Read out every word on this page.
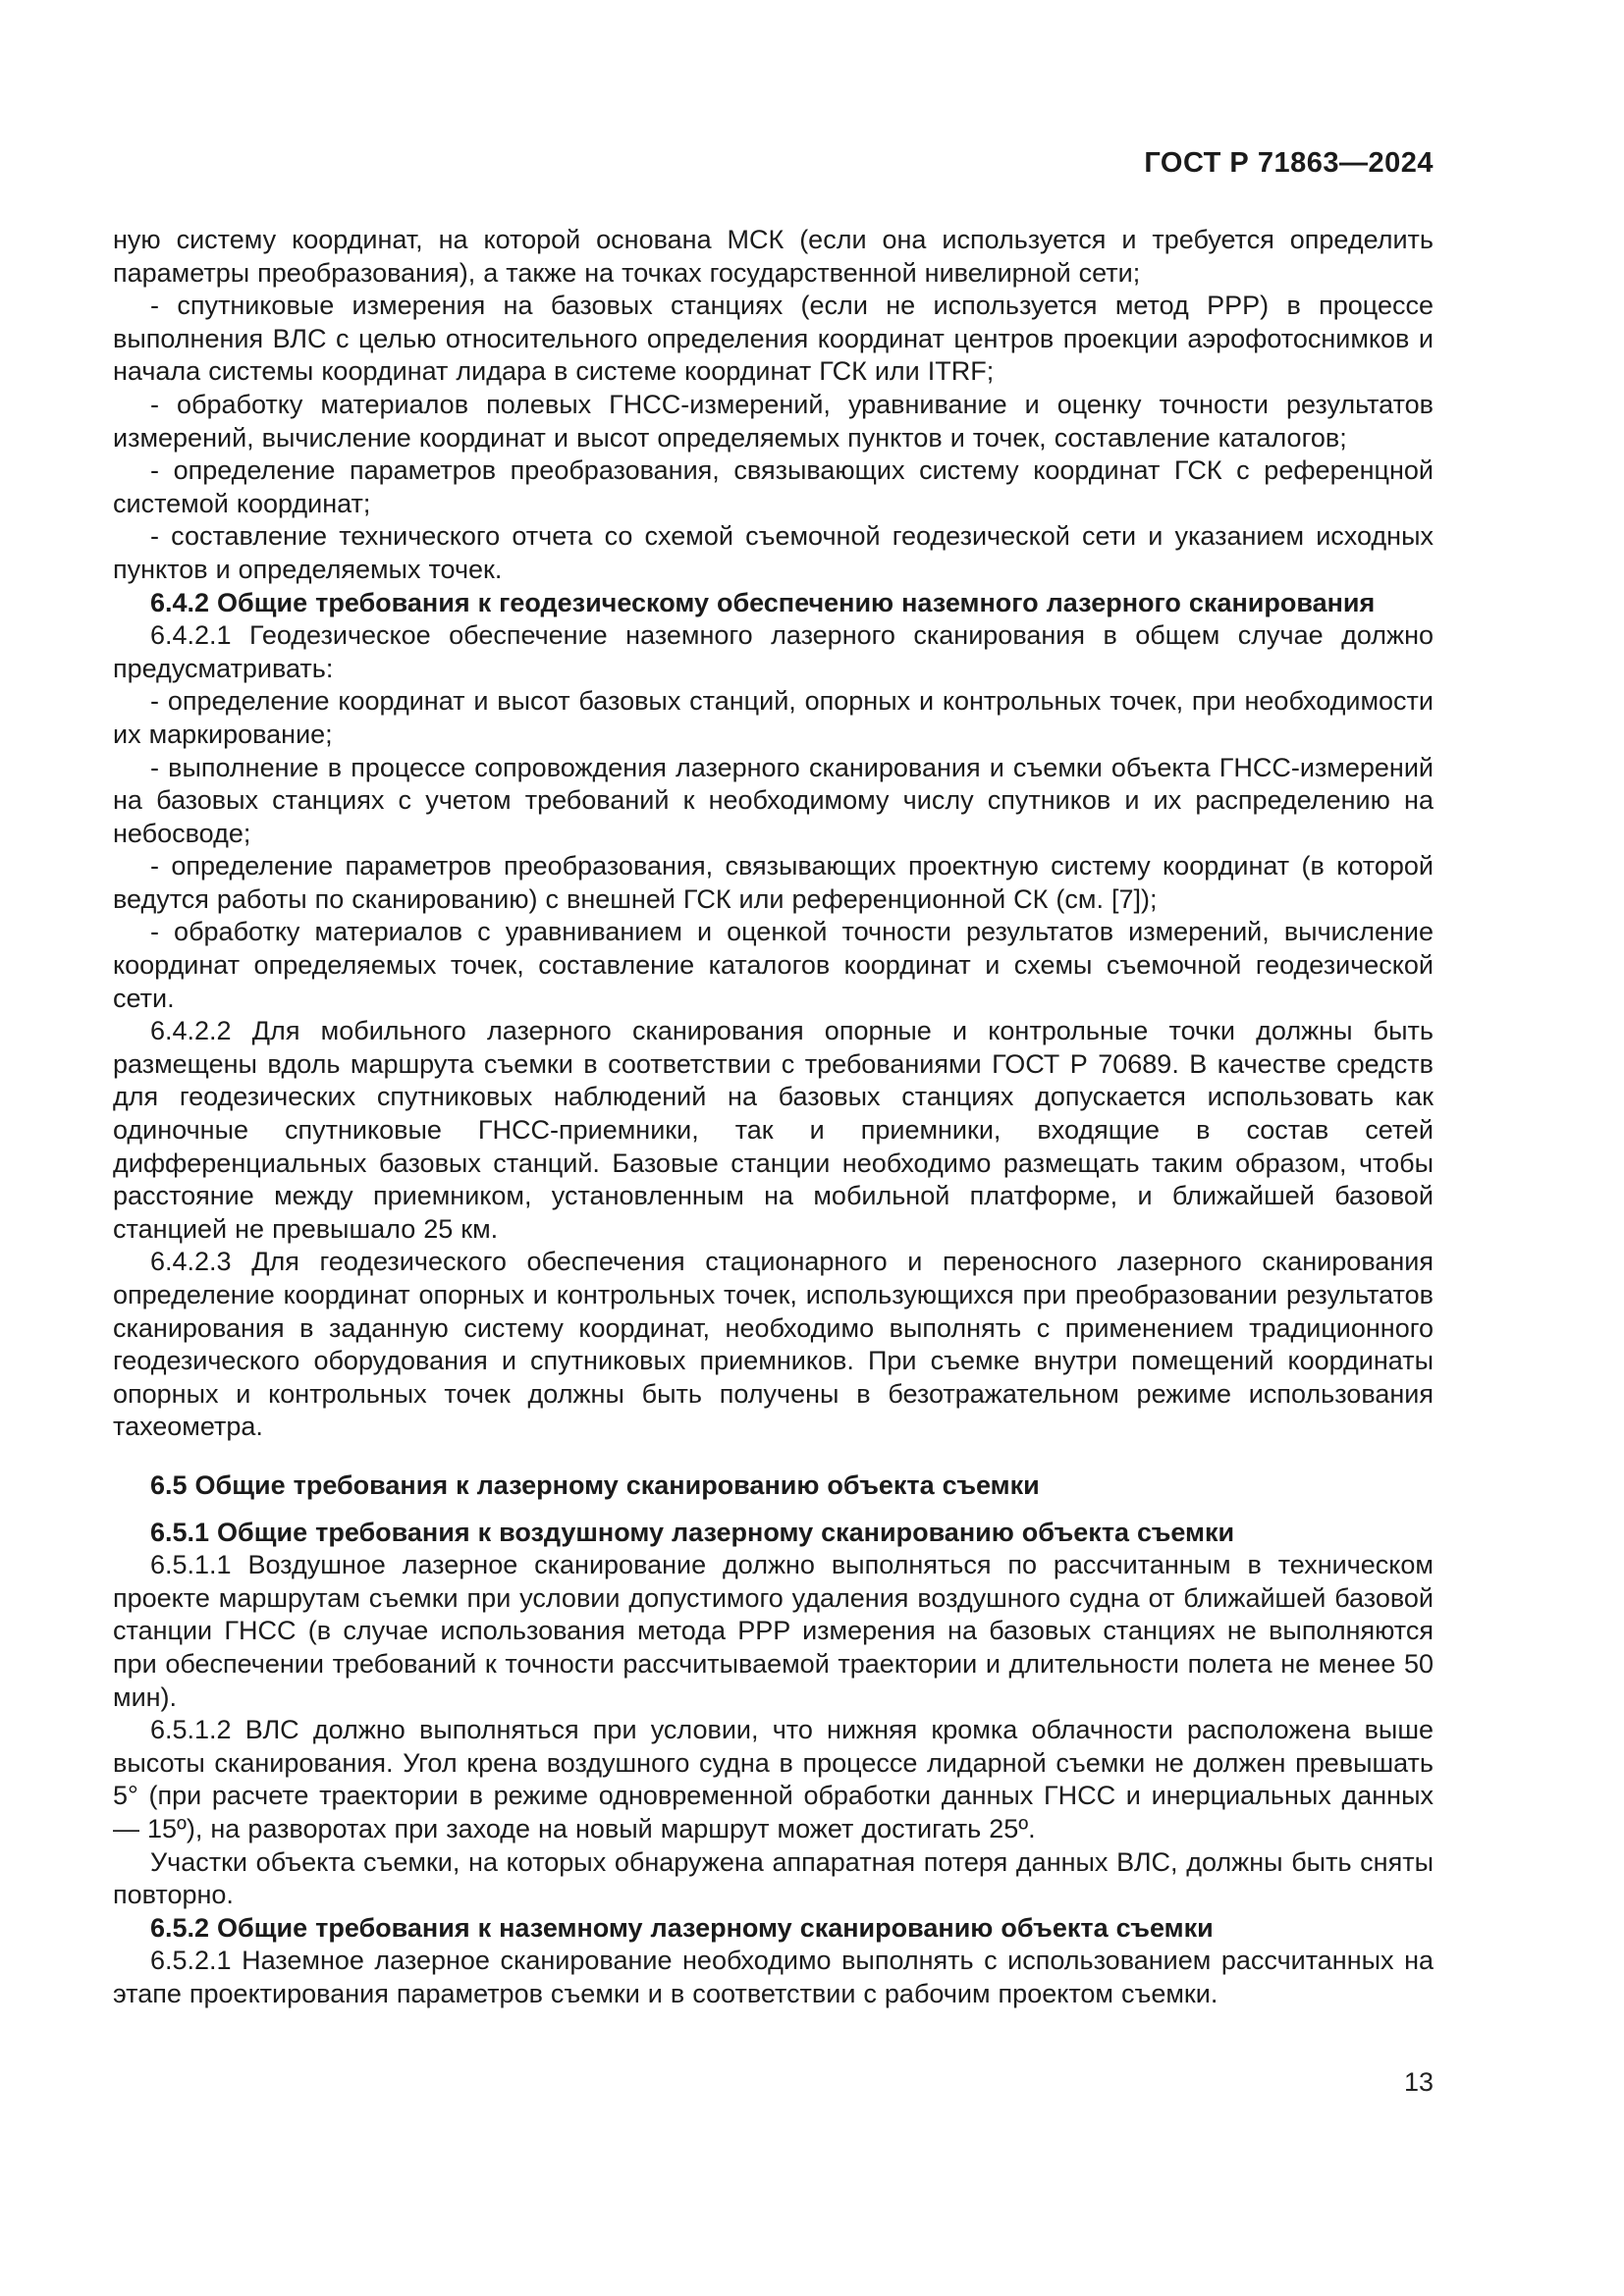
ГОСТ Р 71863—2024

ную систему координат, на которой основана МСК (если она используется и требуется определить параметры преобразования), а также на точках государственной нивелирной сети;

- спутниковые измерения на базовых станциях (если не используется метод PPP) в процессе выполнения ВЛС с целью относительного определения координат центров проекции аэрофотоснимков и начала системы координат лидара в системе координат ГСК или ITRF;

- обработку материалов полевых ГНСС-измерений, уравнивание и оценку точности результатов измерений, вычисление координат и высот определяемых пунктов и точек, составление каталогов;

- определение параметров преобразования, связывающих систему координат ГСК с референцной системой координат;

- составление технического отчета со схемой съемочной геодезической сети и указанием исходных пунктов и определяемых точек.

6.4.2 Общие требования к геодезическому обеспечению наземного лазерного сканирования

6.4.2.1 Геодезическое обеспечение наземного лазерного сканирования в общем случае должно предусматривать:

- определение координат и высот базовых станций, опорных и контрольных точек, при необходимости их маркирование;

- выполнение в процессе сопровождения лазерного сканирования и съемки объекта ГНСС-измерений на базовых станциях с учетом требований к необходимому числу спутников и их распределению на небосводе;

- определение параметров преобразования, связывающих проектную систему координат (в которой ведутся работы по сканированию) с внешней ГСК или референционной СК (см. [7]);

- обработку материалов с уравниванием и оценкой точности результатов измерений, вычисление координат определяемых точек, составление каталогов координат и схемы съемочной геодезической сети.

6.4.2.2 Для мобильного лазерного сканирования опорные и контрольные точки должны быть размещены вдоль маршрута съемки в соответствии с требованиями ГОСТ Р 70689. В качестве средств для геодезических спутниковых наблюдений на базовых станциях допускается использовать как одиночные спутниковые ГНСС-приемники, так и приемники, входящие в состав сетей дифференциальных базовых станций. Базовые станции необходимо размещать таким образом, чтобы расстояние между приемником, установленным на мобильной платформе, и ближайшей базовой станцией не превышало 25 км.

6.4.2.3 Для геодезического обеспечения стационарного и переносного лазерного сканирования определение координат опорных и контрольных точек, использующихся при преобразовании результатов сканирования в заданную систему координат, необходимо выполнять с применением традиционного геодезического оборудования и спутниковых приемников. При съемке внутри помещений координаты опорных и контрольных точек должны быть получены в безотражательном режиме использования тахеометра.

6.5 Общие требования к лазерному сканированию объекта съемки

6.5.1 Общие требования к воздушному лазерному сканированию объекта съемки

6.5.1.1 Воздушное лазерное сканирование должно выполняться по рассчитанным в техническом проекте маршрутам съемки при условии допустимого удаления воздушного судна от ближайшей базовой станции ГНСС (в случае использования метода PPP измерения на базовых станциях не выполняются при обеспечении требований к точности рассчитываемой траектории и длительности полета не менее 50 мин).

6.5.1.2 ВЛС должно выполняться при условии, что нижняя кромка облачности расположена выше высоты сканирования. Угол крена воздушного судна в процессе лидарной съемки не должен превышать 5° (при расчете траектории в режиме одновременной обработки данных ГНСС и инерциальных данных — 15º), на разворотах при заходе на новый маршрут может достигать 25º.

Участки объекта съемки, на которых обнаружена аппаратная потеря данных ВЛС, должны быть сняты повторно.

6.5.2 Общие требования к наземному лазерному сканированию объекта съемки

6.5.2.1 Наземное лазерное сканирование необходимо выполнять с использованием рассчитанных на этапе проектирования параметров съемки и в соответствии с рабочим проектом съемки.

13
